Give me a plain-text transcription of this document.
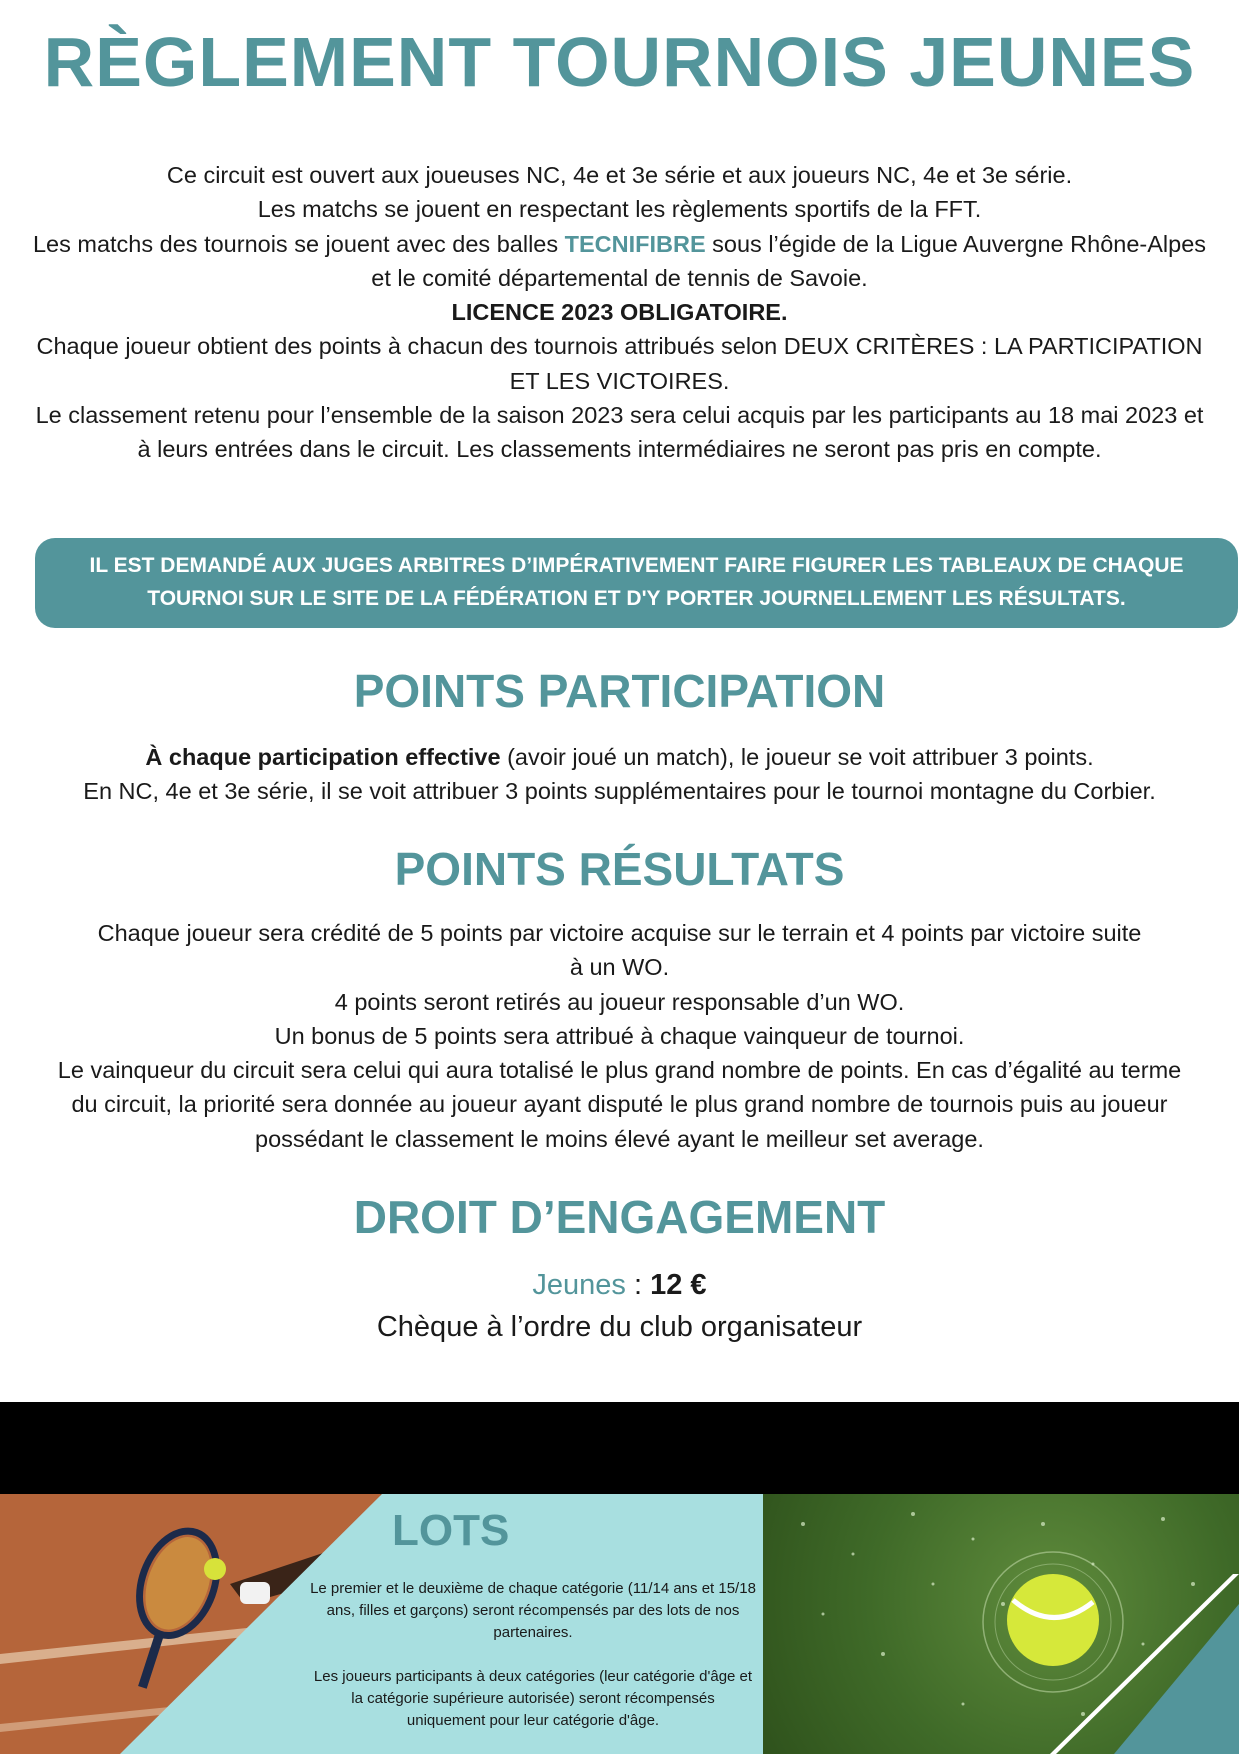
RÈGLEMENT TOURNOIS JEUNES

Ce circuit est ouvert aux joueuses NC, 4e et 3e série et aux joueurs NC, 4e et 3e série.

Les matchs se jouent en respectant les règlements sportifs de la FFT.

Les matchs des tournois se jouent avec des balles TECNIFIBRE sous l’égide de la Ligue Auvergne Rhône-Alpes et le comité départemental de tennis de Savoie.

LICENCE 2023 OBLIGATOIRE.

Chaque joueur obtient des points à chacun des tournois attribués selon DEUX CRITÈRES : LA PARTICIPATION ET LES VICTOIRES.

Le classement retenu pour l’ensemble de la saison 2023 sera celui acquis par les participants au 18 mai 2023 et à leurs entrées dans le circuit. Les classements intermédiaires ne seront pas pris en compte.

IL EST DEMANDÉ AUX JUGES ARBITRES D’IMPÉRATIVEMENT FAIRE FIGURER LES TABLEAUX DE CHAQUE

TOURNOI SUR LE SITE DE LA FÉDÉRATION ET D'Y PORTER JOURNELLEMENT LES RÉSULTATS.

POINTS PARTICIPATION

À chaque participation effective (avoir joué un match), le joueur se voit attribuer 3 points.

En NC, 4e et 3e série, il se voit attribuer 3 points supplémentaires pour le tournoi montagne du Corbier.

POINTS RÉSULTATS

Chaque joueur sera crédité de 5 points par victoire acquise sur le terrain et 4 points par victoire suite à un WO.

4 points seront retirés au joueur responsable d’un WO.

Un bonus de 5 points sera attribué à chaque vainqueur de tournoi.

Le vainqueur du circuit sera celui qui aura totalisé le plus grand nombre de points. En cas d’égalité au terme du circuit, la priorité sera donnée au joueur ayant disputé le plus grand nombre de tournois puis au joueur possédant le classement le moins élevé ayant le meilleur set average.

DROIT D’ENGAGEMENT

Jeunes : 12 €

Chèque à l’ordre du club organisateur

LOTS

Le premier et le deuxième de chaque catégorie (11/14 ans et 15/18 ans, filles et garçons) seront récompensés par des lots de nos partenaires.

Les joueurs participants à deux catégories (leur catégorie d'âge et la catégorie supérieure autorisée) seront récompensés uniquement pour leur catégorie d'âge.
